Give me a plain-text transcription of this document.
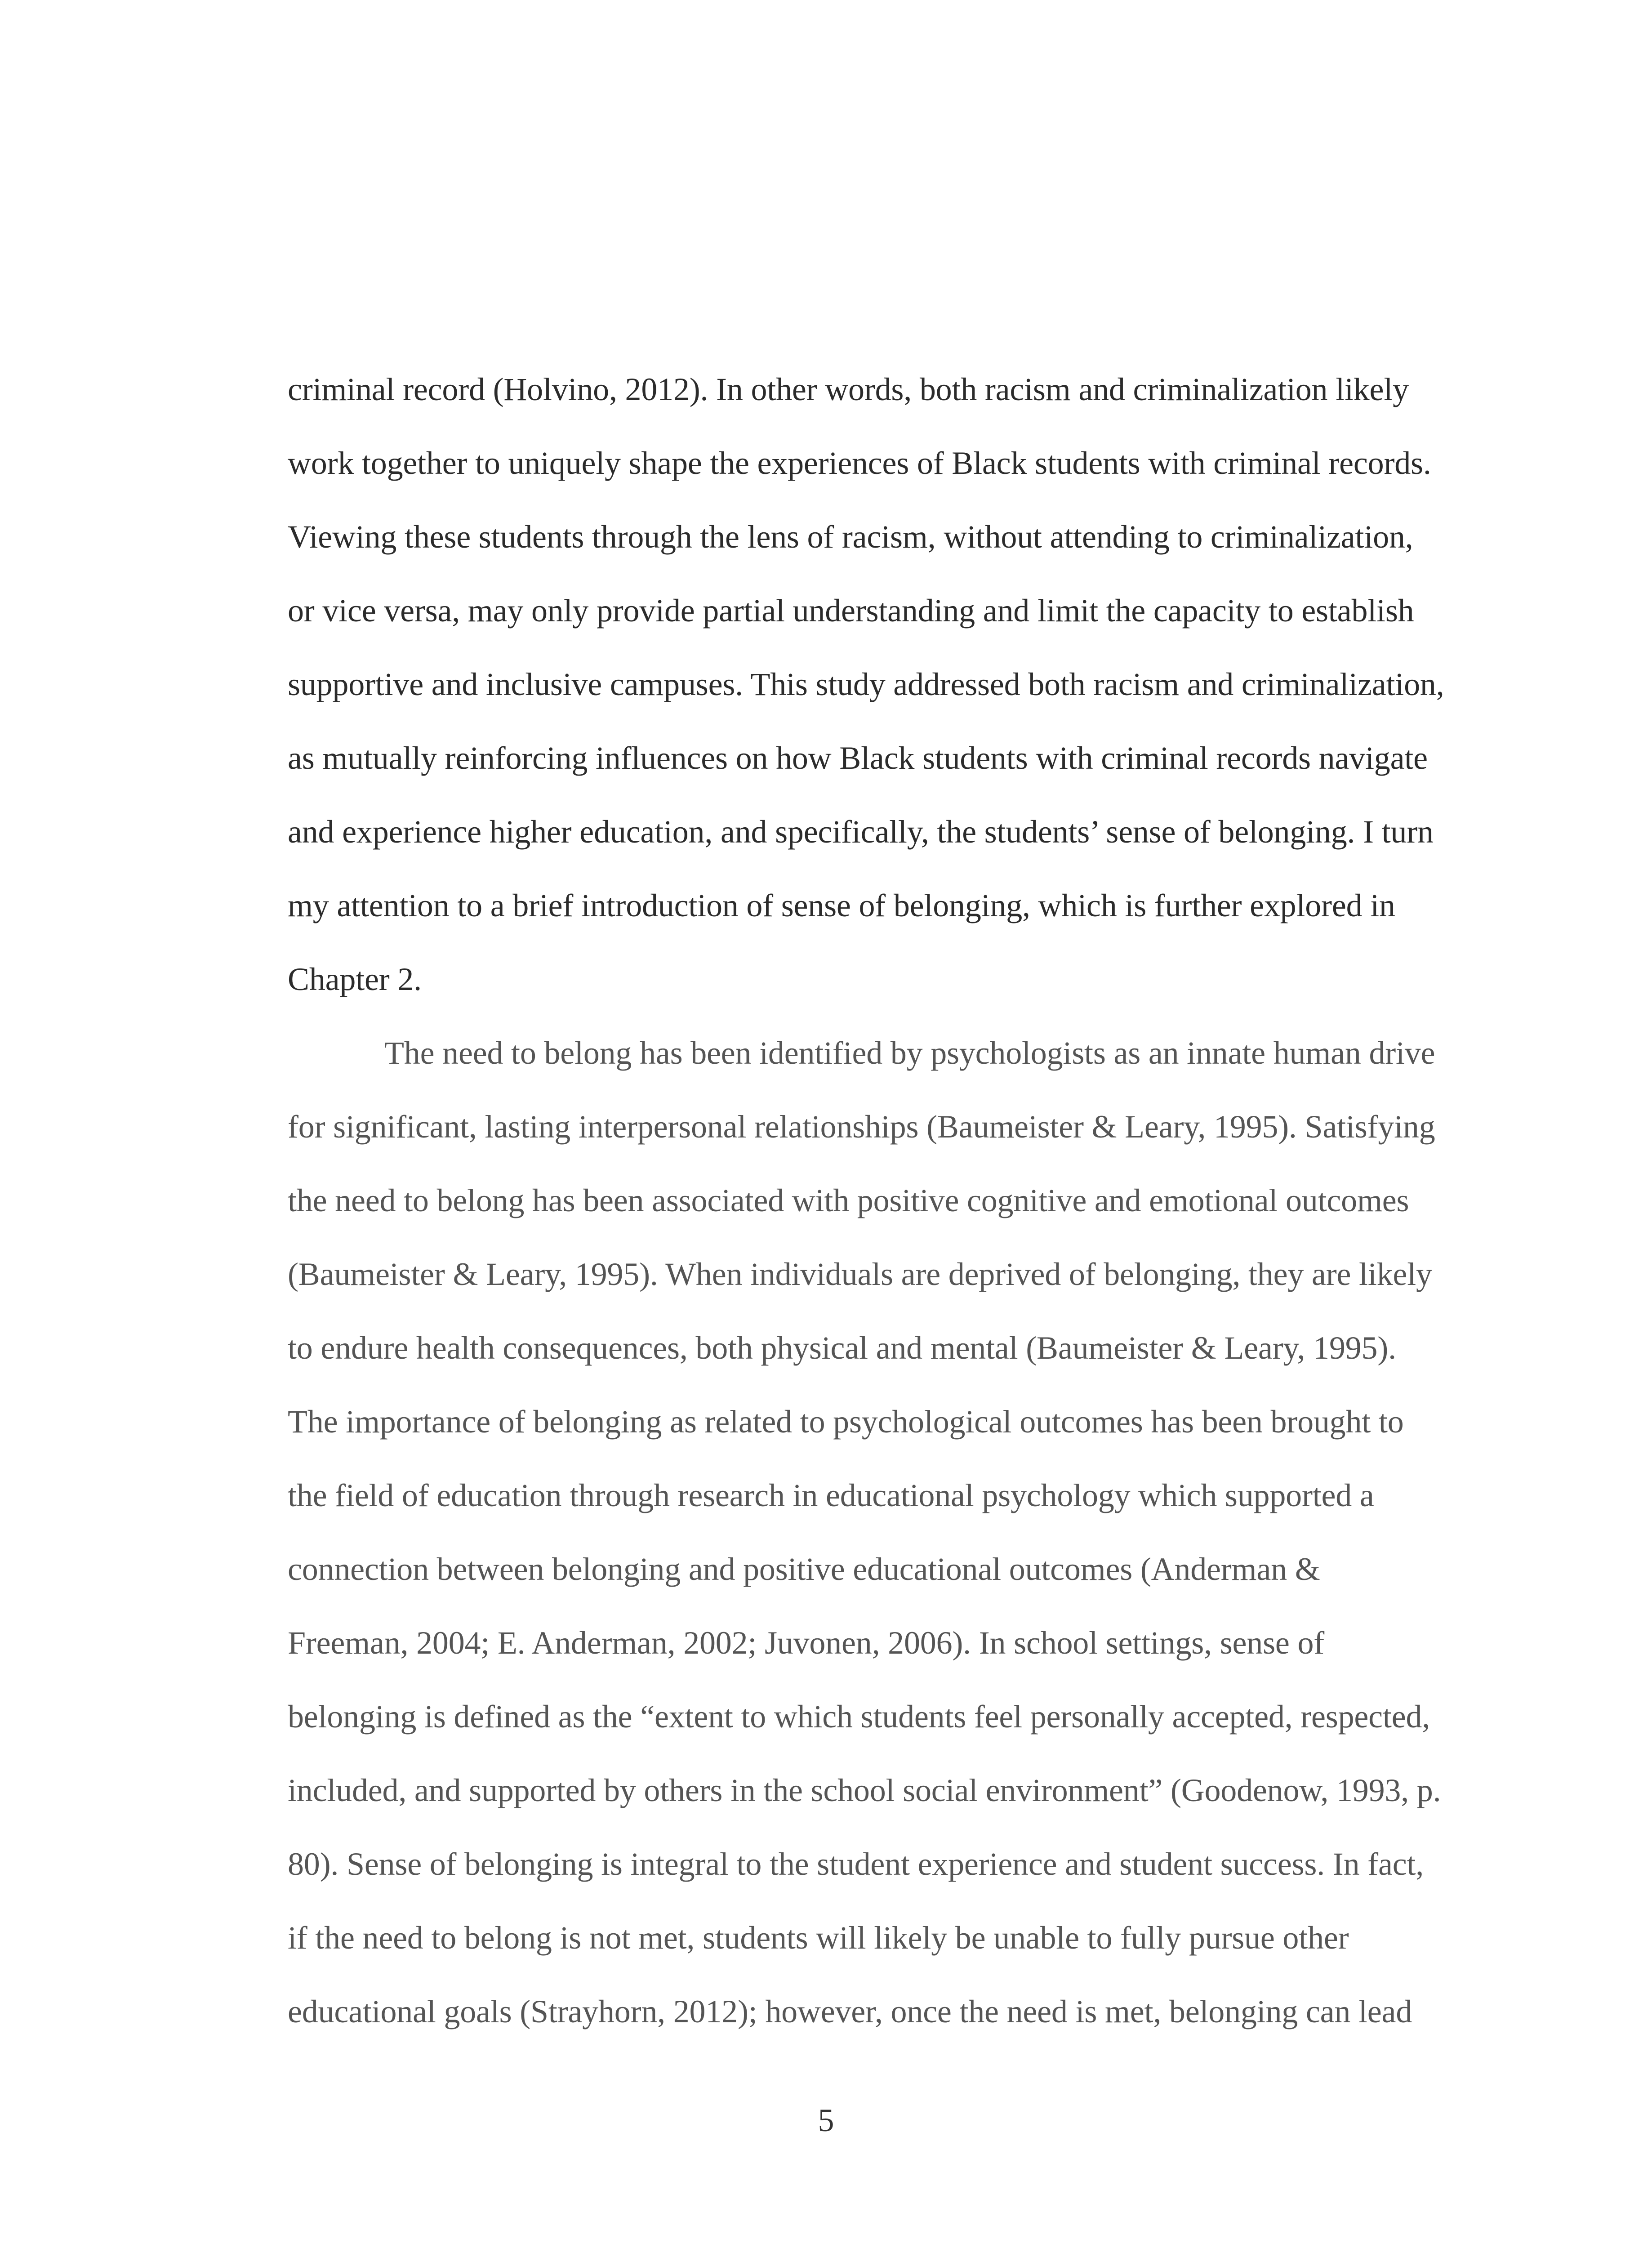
criminal record (Holvino, 2012). In other words, both racism and criminalization likely
work together to uniquely shape the experiences of Black students with criminal records.
Viewing these students through the lens of racism, without attending to criminalization,
or vice versa, may only provide partial understanding and limit the capacity to establish
supportive and inclusive campuses. This study addressed both racism and criminalization,
as mutually reinforcing influences on how Black students with criminal records navigate
and experience higher education, and specifically, the students’ sense of belonging. I turn
my attention to a brief introduction of sense of belonging, which is further explored in
Chapter 2.
The need to belong has been identified by psychologists as an innate human drive
for significant, lasting interpersonal relationships (Baumeister & Leary, 1995). Satisfying
the need to belong has been associated with positive cognitive and emotional outcomes
(Baumeister & Leary, 1995). When individuals are deprived of belonging, they are likely
to endure health consequences, both physical and mental (Baumeister & Leary, 1995).
The importance of belonging as related to psychological outcomes has been brought to
the field of education through research in educational psychology which supported a
connection between belonging and positive educational outcomes (Anderman &
Freeman, 2004; E. Anderman, 2002; Juvonen, 2006). In school settings, sense of
belonging is defined as the “extent to which students feel personally accepted, respected,
included, and supported by others in the school social environment” (Goodenow, 1993, p.
80). Sense of belonging is integral to the student experience and student success. In fact,
if the need to belong is not met, students will likely be unable to fully pursue other
educational goals (Strayhorn, 2012); however, once the need is met, belonging can lead
5
